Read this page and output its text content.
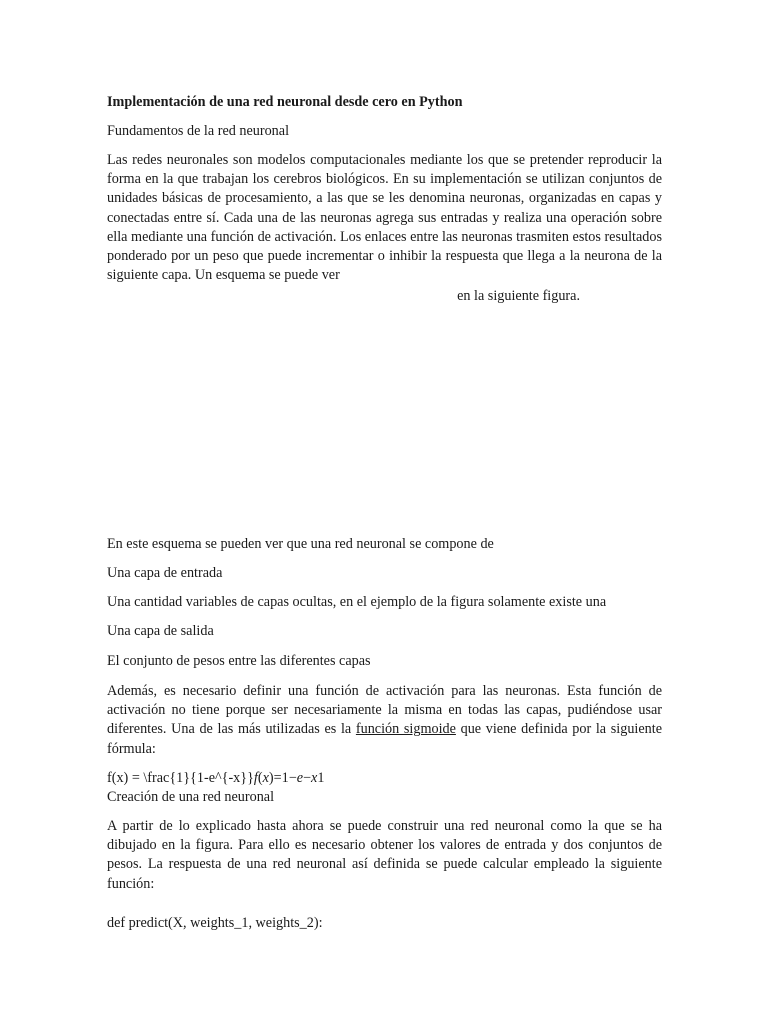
Implementación de una red neuronal desde cero en Python

Fundamentos de la red neuronal

Las redes neuronales son modelos computacionales mediante los que se pretender reproducir la forma en la que trabajan los cerebros biológicos. En su implementación se utilizan conjuntos de unidades básicas de procesamiento, a las que se les denomina neuronas, organizadas en capas y conectadas entre sí. Cada una de las neuronas agrega sus entradas y realiza una operación sobre ella mediante una función de activación. Los enlaces entre las neuronas trasmiten estos resultados ponderado por un peso que puede incrementar o inhibir la respuesta que llega a la neurona de la siguiente capa. Un esquema se puede ver

en la siguiente figura.

En este esquema se pueden ver que una red neuronal se compone de

Una capa de entrada

Una cantidad variables de capas ocultas, en el ejemplo de la figura solamente existe una

Una capa de salida

El conjunto de pesos entre las diferentes capas

Además, es necesario definir una función de activación para las neuronas. Esta función de activación no tiene porque ser necesariamente la misma en todas las capas, pudiéndose usar diferentes. Una de las más utilizadas es la función sigmoide que viene definida por la siguiente fórmula:

f(x) = \frac{1}{1-e^{-x}}f(x)=1−e−x1

Creación de una red neuronal

A partir de lo explicado hasta ahora se puede construir una red neuronal como la que se ha dibujado en la figura. Para ello es necesario obtener los valores de entrada y dos conjuntos de pesos. La respuesta de una red neuronal así definida se puede calcular empleado la siguiente función:

def predict(X, weights_1, weights_2):
